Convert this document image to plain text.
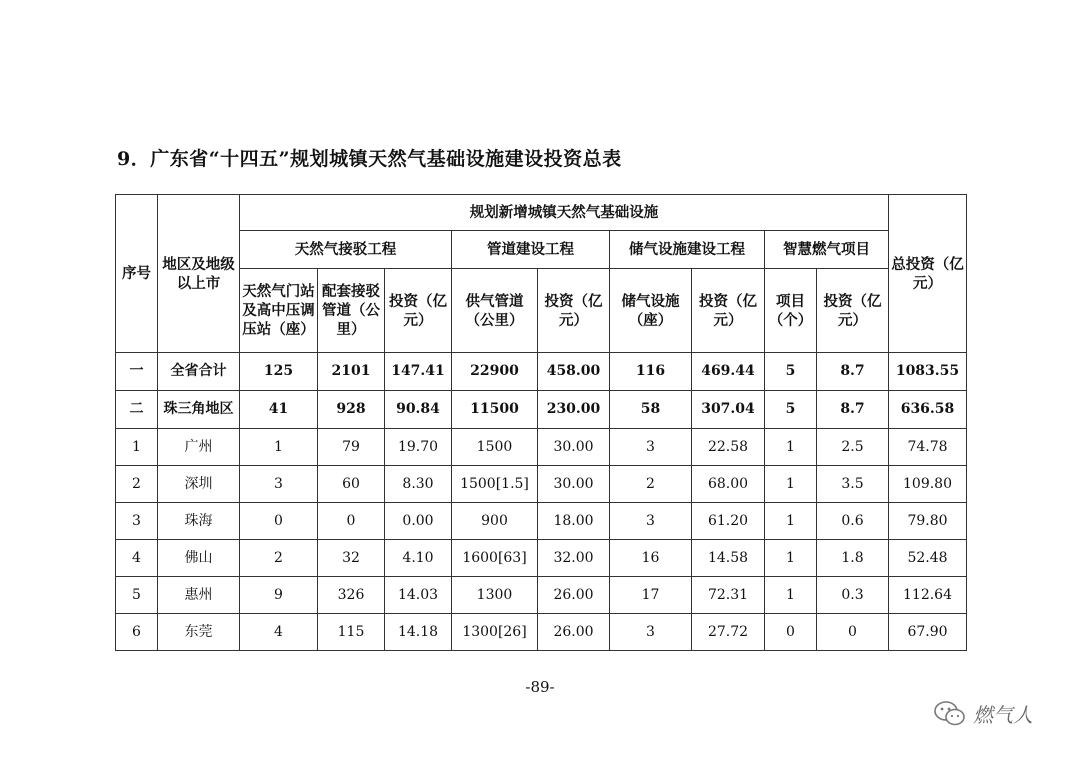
9．广东省“十四五”规划城镇天然气基础设施建设投资总表
序号	地区及地级以上市	规划新增城镇天然气基础设施									总投资（亿元）
		天然气接驳工程			管道建设工程		储气设施建设工程		智慧燃气项目		
		天然气门站及高中压调压站（座）	配套接驳管道（公里）	投资（亿元）	供气管道（公里）	投资（亿元）	储气设施（座）	投资（亿元）	项目（个）	投资（亿元）	
一	全省合计	125	2101	147.41	22900	458.00	116	469.44	5	8.7	1083.55
二	珠三角地区	41	928	90.84	11500	230.00	58	307.04	5	8.7	636.58
1	广州	1	79	19.70	1500	30.00	3	22.58	1	2.5	74.78
2	深圳	3	60	8.30	1500[1.5]	30.00	2	68.00	1	3.5	109.80
3	珠海	0	0	0.00	900	18.00	3	61.20	1	0.6	79.80
4	佛山	2	32	4.10	1600[63]	32.00	16	14.58	1	1.8	52.48
5	惠州	9	326	14.03	1300	26.00	17	72.31	1	0.3	112.64
6	东莞	4	115	14.18	1300[26]	26.00	3	27.72	0	0	67.90
-89-
燃气人
